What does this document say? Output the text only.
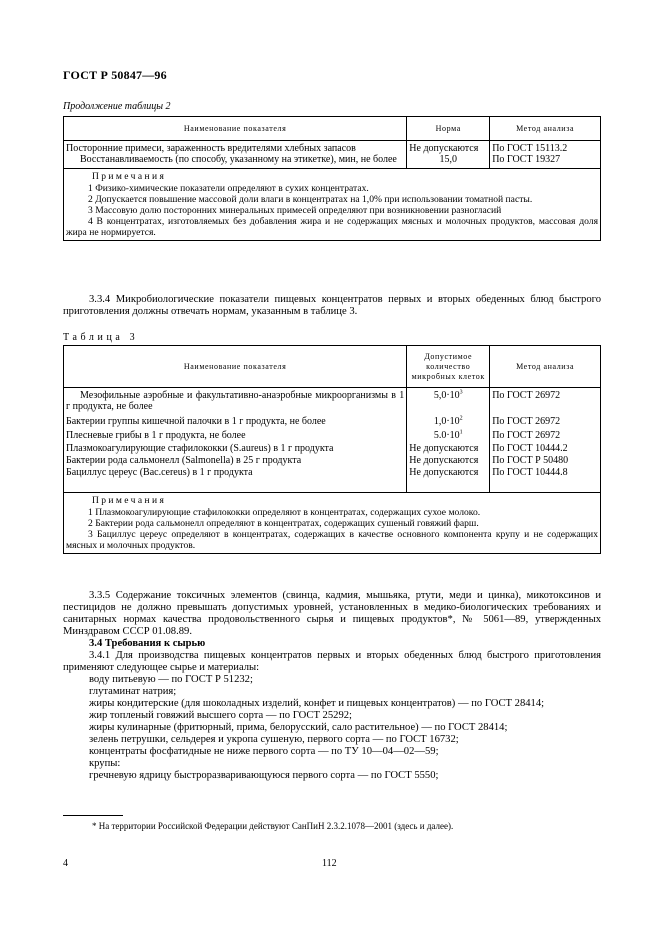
ГОСТ Р 50847—96
Продолжение таблицы 2
Наименование показателя	Норма	Метод анализа
Посторонние примеси, зараженность вредителями хлебных запасов	Не допускаются	По ГОСТ 15113.2

Восстанавливаемость (по способу, указанному на этикетке), мин, не более	15,0	По ГОСТ 19327

Примечания
1 Физико-химические показатели определяют в сухих концентратах.
2 Допускается повышение массовой доли влаги в концентратах на 1,0% при использовании томатной пасты.
3 Массовую долю посторонних минеральных примесей определяют при возникновении разногласий
4 В концентратах, изготовляемых без добавления жира и не содержащих мясных и молочных продуктов, массовая доля жира не нормируется.		

3.3.4 Микробиологические показатели пищевых концентратов первых и вторых обеденных блюд быстрого приготовления должны отвечать нормам, указанным в таблице 3.

Таблица 3
Наименование показателя	Допустимое количество микробных клеток	Метод анализа

Мезофильные аэробные и факультативно-анаэробные микроорганизмы в 1 г продукта, не более	$5,0\cdot 10^3$	По ГОСТ 26972
Бактерии группы кишечной палочки в 1 г продукта, не более	$1,0\cdot 10^2$	По ГОСТ 26972
Плесневые грибы в 1 г продукта, не более	$5.0\cdot 10^1$	По ГОСТ 26972
Плазмокоагулирующие стафилококки (S.aureus) в 1 г продукта	Не допускаются	По ГОСТ 10444.2
Бактерии рода сальмонелл (Salmonella) в 25 г продукта	Не допускаются	По ГОСТ Р 50480
Бациллус цереус (Bac.cereus) в 1 г продукта	Не допускаются	По ГОСТ 10444.8

Примечания
1 Плазмокоагулирующие стафилококки определяют в концентратах, содержащих сухое молоко.
2 Бактерии рода сальмонелл определяют в концентратах, содержащих сушеный говяжий фарш.
3 Бациллус цереус определяют в концентратах, содержащих в качестве основного компонента крупу и не содержащих мясных и молочных продуктов.		

3.3.5 Содержание токсичных элементов (свинца, кадмия, мышьяка, ртути, меди и цинка), микотоксинов и пестицидов не должно превышать допустимых уровней, установленных в медико-биологических требованиях и санитарных нормах качества продовольственного сырья и пищевых продуктов*, № 5061—89, утвержденных Минздравом СССР 01.08.89.

3.4 Требования к сырью

3.4.1 Для производства пищевых концентратов первых и вторых обеденных блюд быстрого приготовления применяют следующее сырье и материалы:

воду питьевую — по ГОСТ Р 51232;

глутаминат натрия;

жиры кондитерские (для шоколадных изделий, конфет и пищевых концентратов) — по ГОСТ 28414;

жир топленый говяжий высшего сорта — по ГОСТ 25292;

жиры кулинарные (фритюрный, прима, белорусский, сало растительное) — по ГОСТ 28414;

зелень петрушки, сельдерея и укропа сушеную, первого сорта — по ГОСТ 16732;

концентраты фосфатидные не ниже первого сорта — по ТУ 10—04—02—59;

крупы:

гречневую ядрицу быстроразваривающуюся первого сорта — по ГОСТ 5550;

* На территории Российской Федерации действуют СанПиН 2.3.2.1078—2001 (здесь и далее).
4	112
